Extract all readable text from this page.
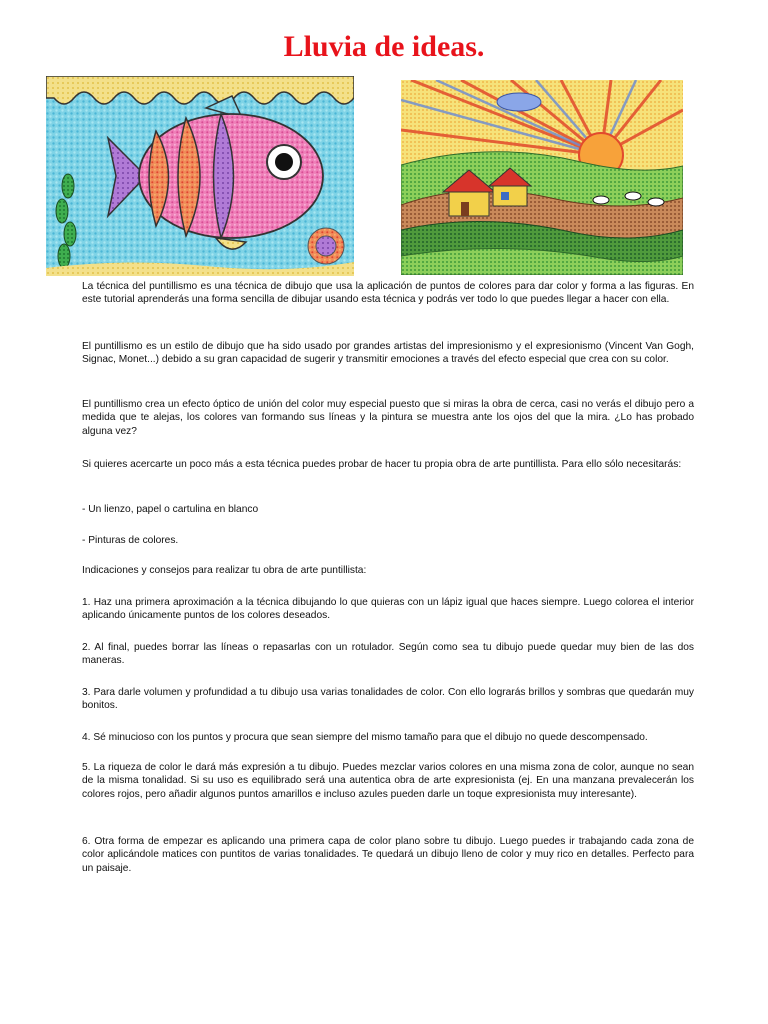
Lluvia de ideas.

La técnica del puntillismo es una técnica de dibujo que usa la aplicación de puntos de colores para dar color y forma a las figuras. En este tutorial aprenderás una forma sencilla de dibujar usando esta técnica y podrás ver todo lo que puedes llegar a hacer con ella.

El puntillismo es un estilo de dibujo que ha sido usado por grandes artistas del impresionismo y el expresionismo (Vincent Van Gogh, Signac, Monet...) debido a su gran capacidad de sugerir y transmitir emociones a través del efecto especial que crea con su color.

El puntillismo crea un efecto óptico de unión del color muy especial puesto que si miras la obra de cerca, casi no verás el dibujo pero a medida que te alejas, los colores van formando sus líneas y la pintura se muestra ante los ojos del que la mira. ¿Lo has probado alguna vez?

Si quieres acercarte un poco más a esta técnica puedes probar de hacer tu propia obra de arte puntillista. Para ello sólo necesitarás:

- Un lienzo, papel o cartulina en blanco

- Pinturas de colores.

Indicaciones y consejos para realizar tu obra de arte puntillista:

1. Haz una primera aproximación a la técnica dibujando lo que quieras con un lápiz igual que haces siempre. Luego colorea el interior aplicando únicamente puntos de los colores deseados.

2. Al final, puedes borrar las líneas o repasarlas con un rotulador. Según como sea tu dibujo puede quedar muy bien de las dos maneras.

3. Para darle volumen y profundidad a tu dibujo usa varias tonalidades de color. Con ello lograrás brillos y sombras que quedarán muy bonitos.

4. Sé minucioso con los puntos y procura que sean siempre del mismo tamaño para que el dibujo no quede descompensado.

5. La riqueza de color le dará más expresión a tu dibujo. Puedes mezclar varios colores en una misma zona de color, aunque no sean de la misma tonalidad. Si su uso es equilibrado será una autentica obra de arte expresionista (ej. En una manzana prevalecerán los colores rojos, pero añadir algunos puntos amarillos e incluso azules pueden darle un toque expresionista muy interesante).

6. Otra forma de empezar es aplicando una primera capa de color plano sobre tu dibujo. Luego puedes ir trabajando cada zona de color aplicándole matices con puntitos de varias tonalidades. Te quedará un dibujo lleno de color y muy rico en detalles. Perfecto para un paisaje.
